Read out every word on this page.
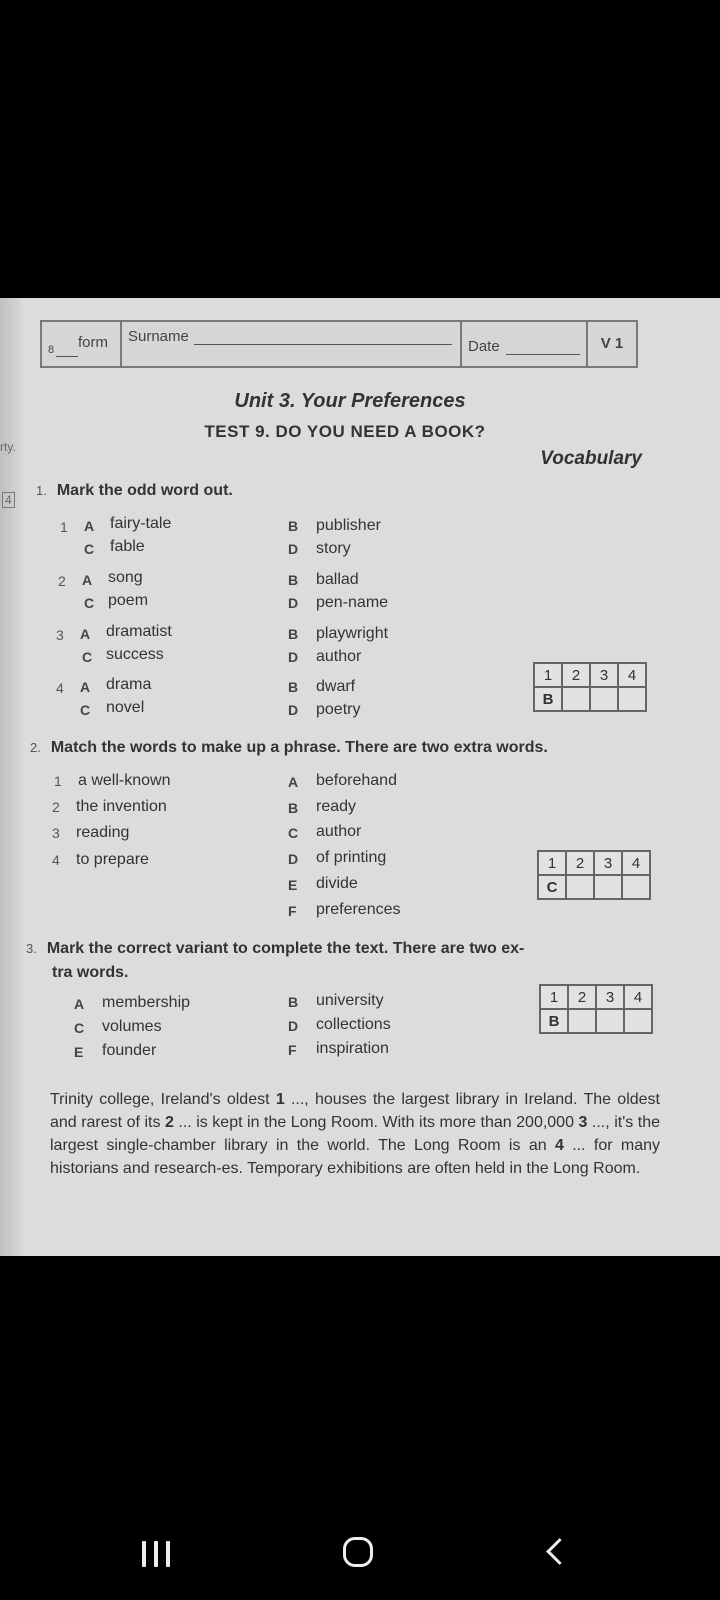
rty.
4
8 form Surname
Date	V 1
Unit 3. Your Preferences
TEST 9. DO YOU NEED A BOOK?
Vocabulary
1. Mark the odd word out.
1 A fairy-tale	B publisher
C fable	D story
2 A song	B ballad
C poem	D pen-name
3 A dramatist	B playwright
C success	D author
4 A drama	B dwarf
C novel	D poetry
1	2	3	4
B			
2. Match the words to make up a phrase. There are two extra words.
1 a well-known
2 the invention
3 reading
4 to prepare
A beforehand
B ready
C author
D of printing
E divide
F preferences
1	2	3	4
C			
3. Mark the correct variant to complete the text. There are two ex-
tra words.
A membership	B university
C volumes	D collections
E founder	F inspiration
1	2	3	4
B			
Trinity college, Ireland's oldest 1 ..., houses the largest library in Ireland. The oldest and rarest of its 2 ... is kept in the Long Room. With its more than 200,000 3 ..., it's the largest single-chamber library in the world. The Long Room is an 4 ... for many historians and research-es. Temporary exhibitions are often held in the Long Room.
